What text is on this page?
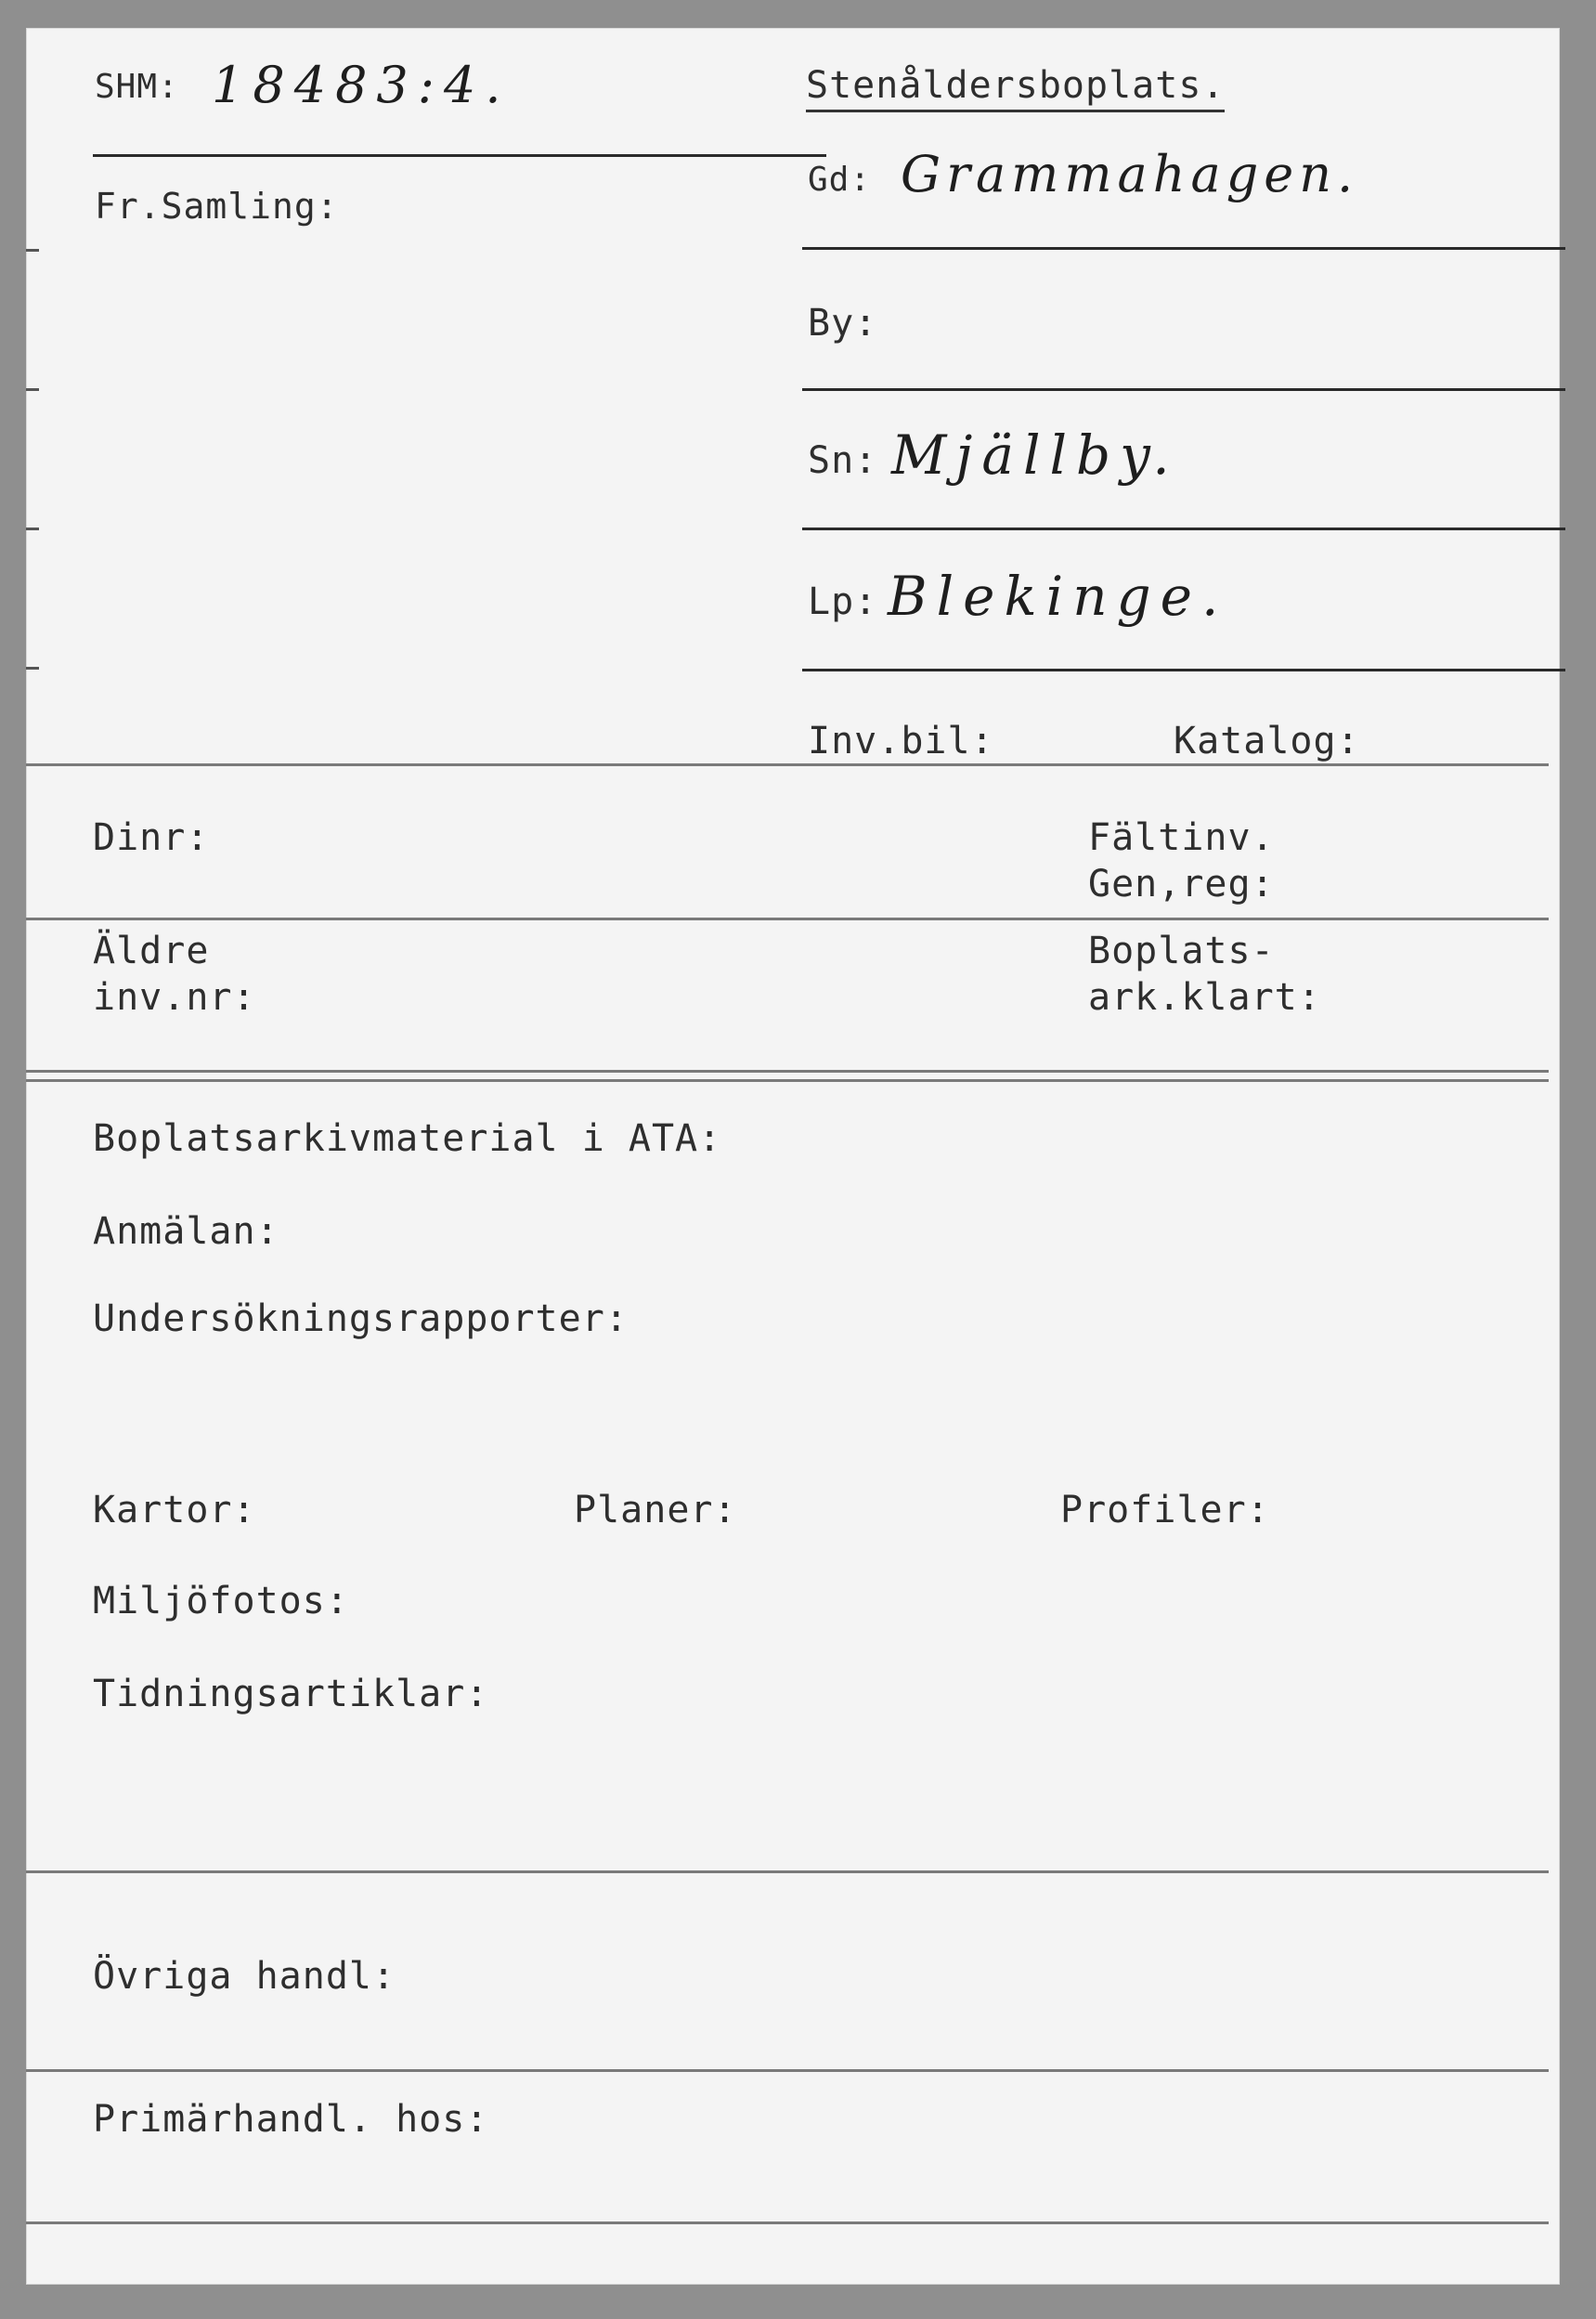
SHM: 18483:4.	Stenåldersboplats.
Fr.Samling:
Gd: Grammahagen.
By:
Sn: Mjällby.
Lp: Blekinge.
Inv.bil:	Katalog:
Dinr:	Fältinv.
Gen,reg:
Äldre
inv.nr:
Boplats-
ark.klart:
Boplatsarkivmaterial i ATA:
Anmälan:
Undersökningsrapporter:
Kartor:	Planer:	Profiler:
Miljöfotos:
Tidningsartiklar:
Övriga handl:
Primärhandl. hos:
